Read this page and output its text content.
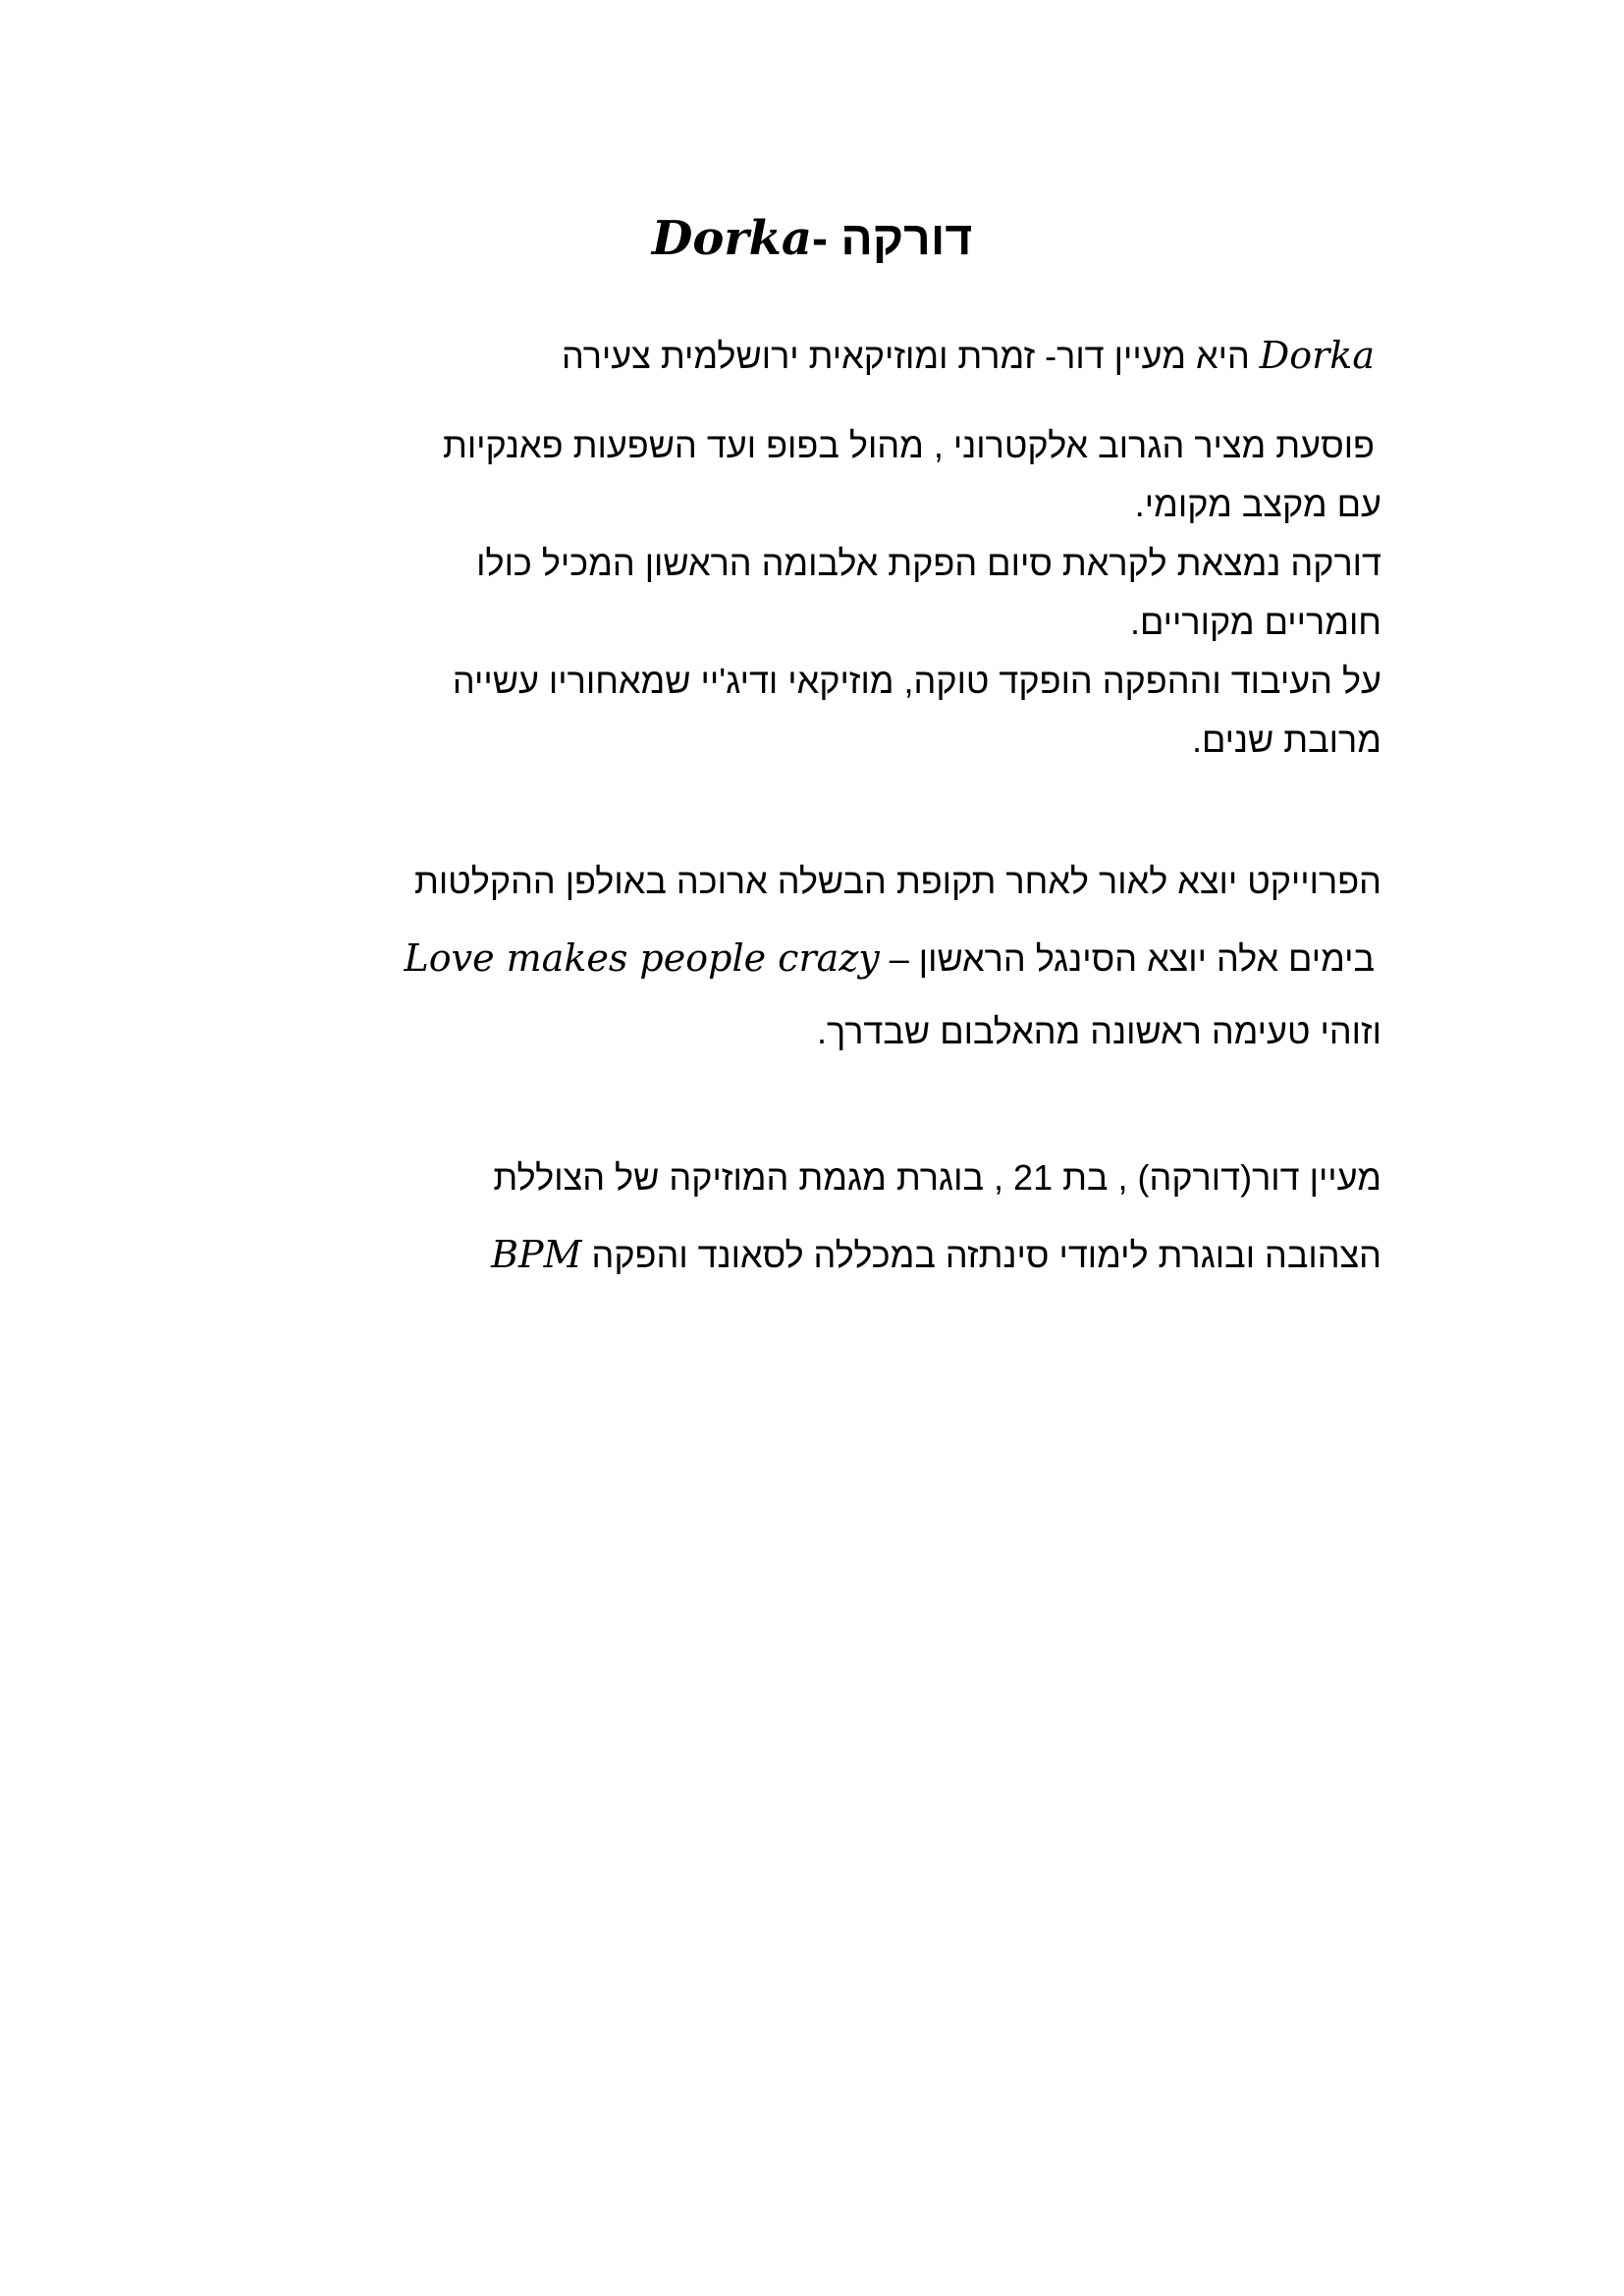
Dorka- דורקה
Dorka היא מעיין דור- זמרת ומוזיקאית ירושלמית צעירה
פוסעת מציר הגרוב אלקטרוני , מהול בפופ ועד השפעות פאנקיות
עם מקצב מקומי.
דורקה נמצאת לקראת סיום הפקת אלבומה הראשון המכיל כולו
חומריים מקוריים.
על העיבוד וההפקה הופקד טוקה, מוזיקאי ודיג'יי שמאחוריו עשייה
מרובת שנים.
הפרוייקט יוצא לאור לאחר תקופת הבשלה ארוכה באולפן ההקלטות
בימים אלה יוצא הסינגל הראשון – Love makes people crazy
וזוהי טעימה ראשונה מהאלבום שבדרך.
מעיין דור(דורקה) , בת 21 , בוגרת מגמת המוזיקה של הצוללת
הצהובה ובוגרת לימודי סינתזה במכללה לסאונד והפקה BPM
